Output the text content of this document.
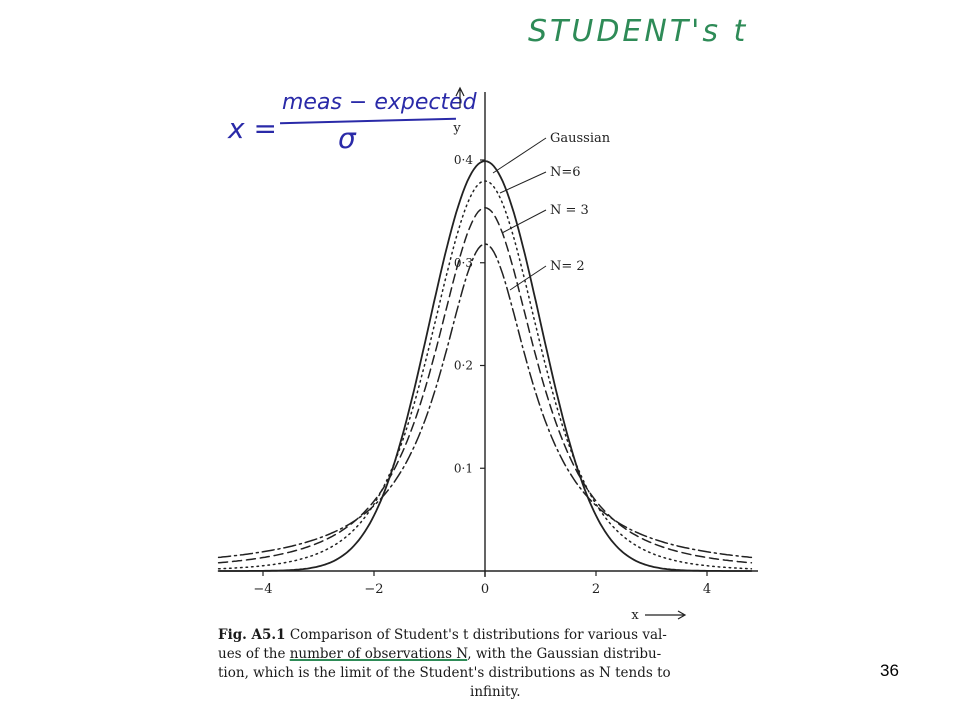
STUDENT's t
x =
meas − expected
σ
−4	−2	0	2	4
0·1
0·2
0·3
0·4
y
x
Gaussian
N=6
N = 3
N= 2
Fig. A5.1 Comparison of Student's t distributions for various val-
ues of the number of observations N, with the Gaussian distribu-
tion, which is the limit of the Student's distributions as N tends to
infinity.
36
